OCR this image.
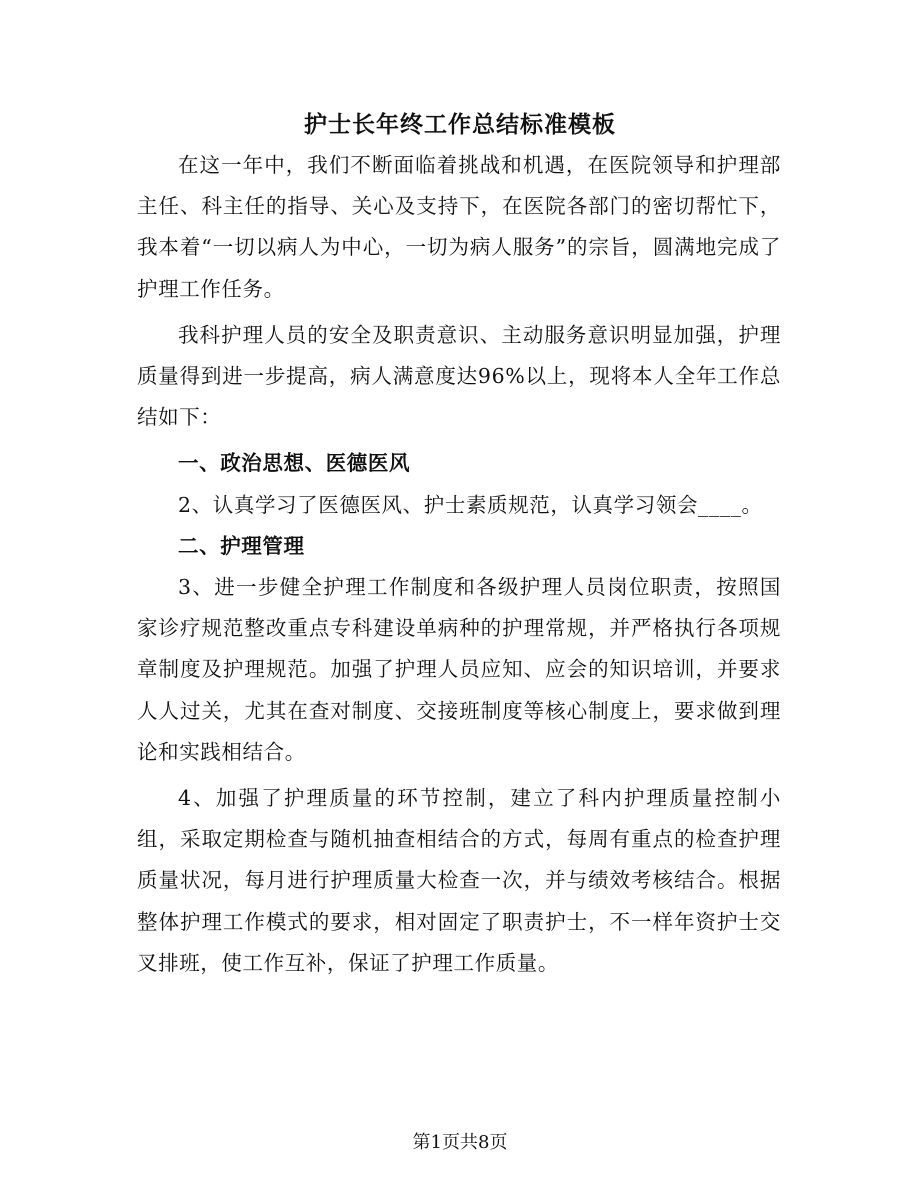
护士长年终工作总结标准模板

在这一年中，我们不断面临着挑战和机遇，在医院领导和护理部主任、科主任的指导、关心及支持下，在医院各部门的密切帮忙下，我本着“一切以病人为中心，一切为病人服务”的宗旨，圆满地完成了护理工作任务。

我科护理人员的安全及职责意识、主动服务意识明显加强，护理质量得到进一步提高，病人满意度达96%以上，现将本人全年工作总结如下：

一、政治思想、医德医风

2、认真学习了医德医风、护士素质规范，认真学习领会____。

二、护理管理

3、进一步健全护理工作制度和各级护理人员岗位职责，按照国家诊疗规范整改重点专科建设单病种的护理常规，并严格执行各项规章制度及护理规范。加强了护理人员应知、应会的知识培训，并要求人人过关，尤其在查对制度、交接班制度等核心制度上，要求做到理论和实践相结合。

4、加强了护理质量的环节控制，建立了科内护理质量控制小组，采取定期检查与随机抽查相结合的方式，每周有重点的检查护理质量状况，每月进行护理质量大检查一次，并与绩效考核结合。根据整体护理工作模式的要求，相对固定了职责护士，不一样年资护士交叉排班，使工作互补，保证了护理工作质量。

第1页共8页
